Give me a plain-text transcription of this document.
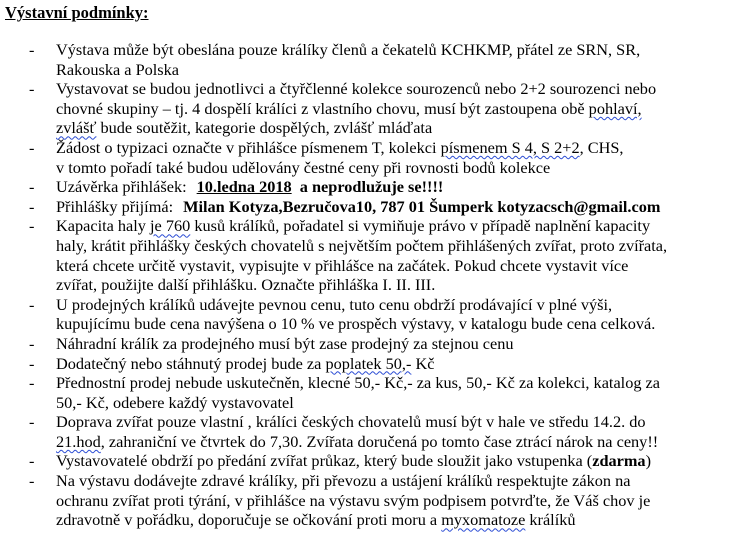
Výstavní podmínky:
- Výstava může být obeslána pouze králíky členů a čekatelů KCHKMP, přátel ze SRN, SR,
Rakouska a Polska
- Vystavovat se budou jednotlivci a čtyřčlenné kolekce sourozenců nebo 2+2 sourozenci nebo
chovné skupiny – tj. 4 dospělí králíci z vlastního chovu, musí být zastoupena obě pohlaví,
zvlášť bude soutěžit, kategorie dospělých, zvlášť mláďata
- Žádost o typizaci označte v přihlášce písmenem T, kolekci písmenem S 4, S 2+2, CHS,
v tomto pořadí také budou udělovány čestné ceny při rovnosti bodů kolekce
- Uzávěrka přihlášek: 10.ledna 2018 a neprodlužuje se!!!!
- Přihlášky přijímá: Milan Kotyza,Bezručova10, 787 01 Šumperk kotyzacsch@gmail.com
- Kapacita haly je 760 kusů králíků, pořadatel si vymiňuje právo v případě naplnění kapacity
haly, krátit přihlášky českých chovatelů s největším počtem přihlášených zvířat, proto zvířata,
která chcete určitě vystavit, vypisujte v přihlášce na začátek. Pokud chcete vystavit více
zvířat, použijte další přihlášku. Označte přihláška I. II. III.
- U prodejných králíků udávejte pevnou cenu, tuto cenu obdrží prodávající v plné výši,
kupujícímu bude cena navýšena o 10 % ve prospěch výstavy, v katalogu bude cena celková.
- Náhradní králík za prodejného musí být zase prodejný za stejnou cenu
- Dodatečný nebo stáhnutý prodej bude za poplatek 50,- Kč
- Přednostní prodej nebude uskutečněn, klecné 50,- Kč,- za kus, 50,- Kč za kolekci, katalog za
50,- Kč, odebere každý vystavovatel
- Doprava zvířat pouze vlastní , králíci českých chovatelů musí být v hale ve středu 14.2. do
21.hod, zahraniční ve čtvrtek do 7,30. Zvířata doručená po tomto čase ztrácí nárok na ceny!!
- Vystavovatelé obdrží po předání zvířat průkaz, který bude sloužit jako vstupenka (zdarma)
- Na výstavu dodávejte zdravé králíky, při převozu a ustájení králíků respektujte zákon na
ochranu zvířat proti týrání, v přihlášce na výstavu svým podpisem potvrďte, že Váš chov je
zdravotně v pořádku, doporučuje se očkování proti moru a myxomatoze králíků
